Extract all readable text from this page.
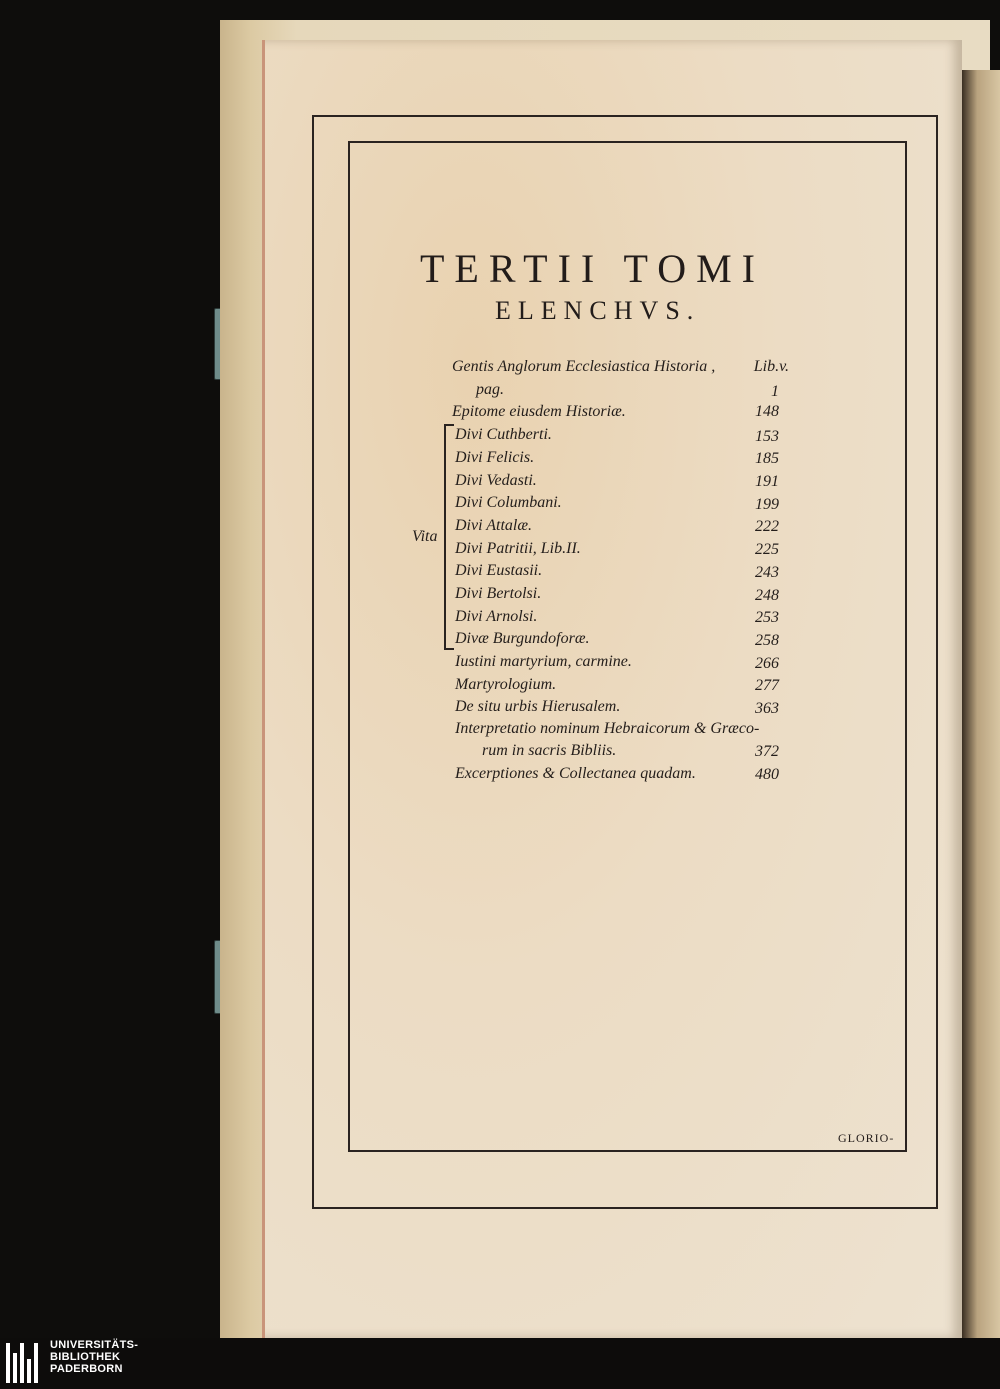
TERTII TOMI
ELENCHVS.
Gentis Anglorum Ecclesiastica Historia ,	Lib.v.
pag.	1
Epitome eiusdem Historiæ.	148
Divi Cuthberti.	153
Divi Felicis.	185
Divi Vedasti.	191
Divi Columbani.	199
Divi Attalæ.	222
Divi Patritii, Lib.II.	225
Divi Eustasii.	243
Divi Bertolsi.	248
Divi Arnolsi.	253
Divæ Burgundoforæ.	258
Iustini martyrium, carmine.	266
Martyrologium.	277
De situ urbis Hierusalem.	363
Interpretatio nominum Hebraicorum & Græco-
rum in sacris Bibliis.	372
Excerptiones & Collectanea quadam.	480
Vita
GLORIO-
UNIVERSITÄTS-
BIBLIOTHEK
PADERBORN
